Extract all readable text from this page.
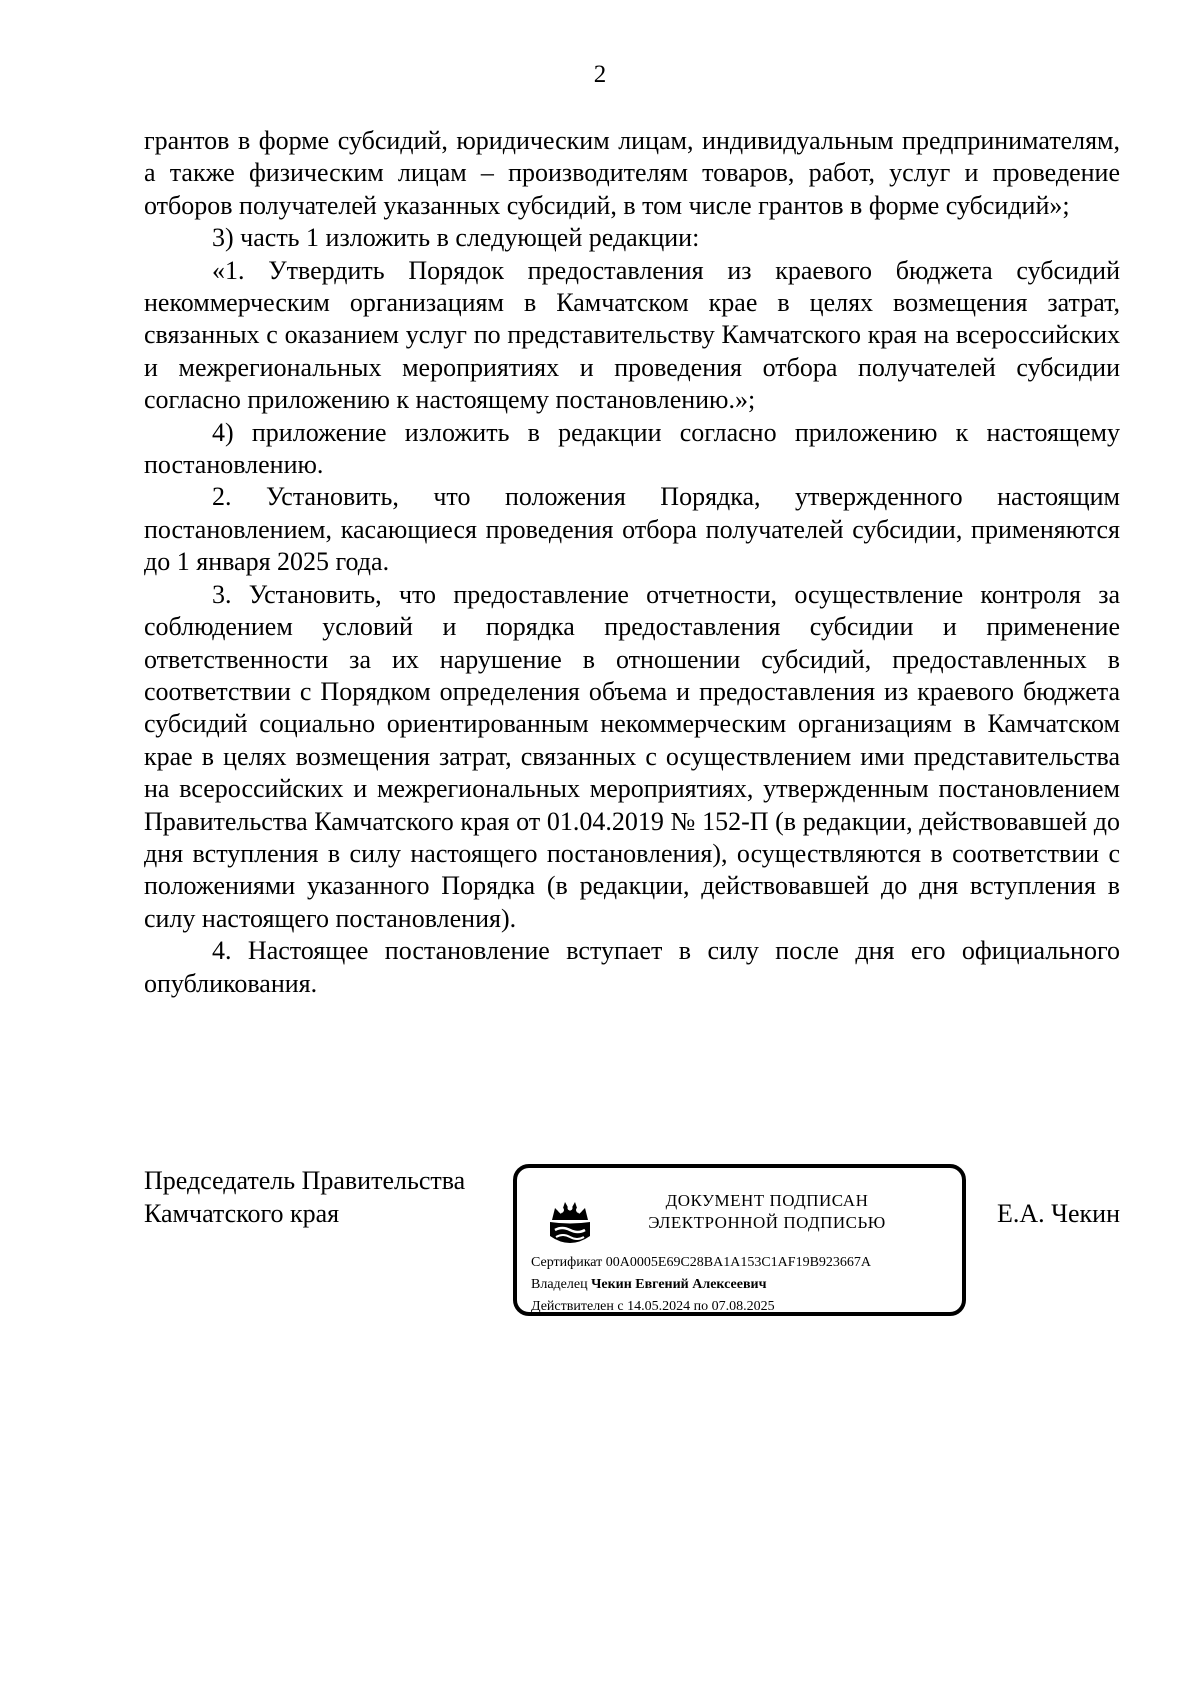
2

грантов в форме субсидий, юридическим лицам, индивидуальным предпринимателям, а также физическим лицам – производителям товаров, работ, услуг и проведение отборов получателей указанных субсидий, в том числе грантов в форме субсидий»;

3) часть 1 изложить в следующей редакции:

«1. Утвердить Порядок предоставления из краевого бюджета субсидий некоммерческим организациям в Камчатском крае в целях возмещения затрат, связанных с оказанием услуг по представительству Камчатского края на всероссийских и межрегиональных мероприятиях и проведения отбора получателей субсидии согласно приложению к настоящему постановлению.»;

4) приложение изложить в редакции согласно приложению к настоящему постановлению.

2. Установить, что положения Порядка, утвержденного настоящим постановлением, касающиеся проведения отбора получателей субсидии, применяются до 1 января 2025 года.

3. Установить, что предоставление отчетности, осуществление контроля за соблюдением условий и порядка предоставления субсидии и применение ответственности за их нарушение в отношении субсидий, предоставленных в соответствии с Порядком определения объема и предоставления из краевого бюджета субсидий социально ориентированным некоммерческим организациям в Камчатском крае в целях возмещения затрат, связанных с осуществлением ими представительства на всероссийских и межрегиональных мероприятиях, утвержденным постановлением Правительства Камчатского края от 01.04.2019 № 152-П (в редакции, действовавшей до дня вступления в силу настоящего постановления), осуществляются в соответствии с положениями указанного Порядка (в редакции, действовавшей до дня вступления в силу настоящего постановления).

4. Настоящее постановление вступает в силу после дня его официального опубликования.

Председатель Правительства
Камчатского края	ДОКУМЕНТ ПОДПИСАН
ЭЛЕКТРОННОЙ ПОДПИСЬЮ
Сертификат 00A0005E69C28BA1A153C1AF19B923667A
Владелец Чекин Евгений Алексеевич
Действителен с 14.05.2024 по 07.08.2025
Е.А. Чекин
